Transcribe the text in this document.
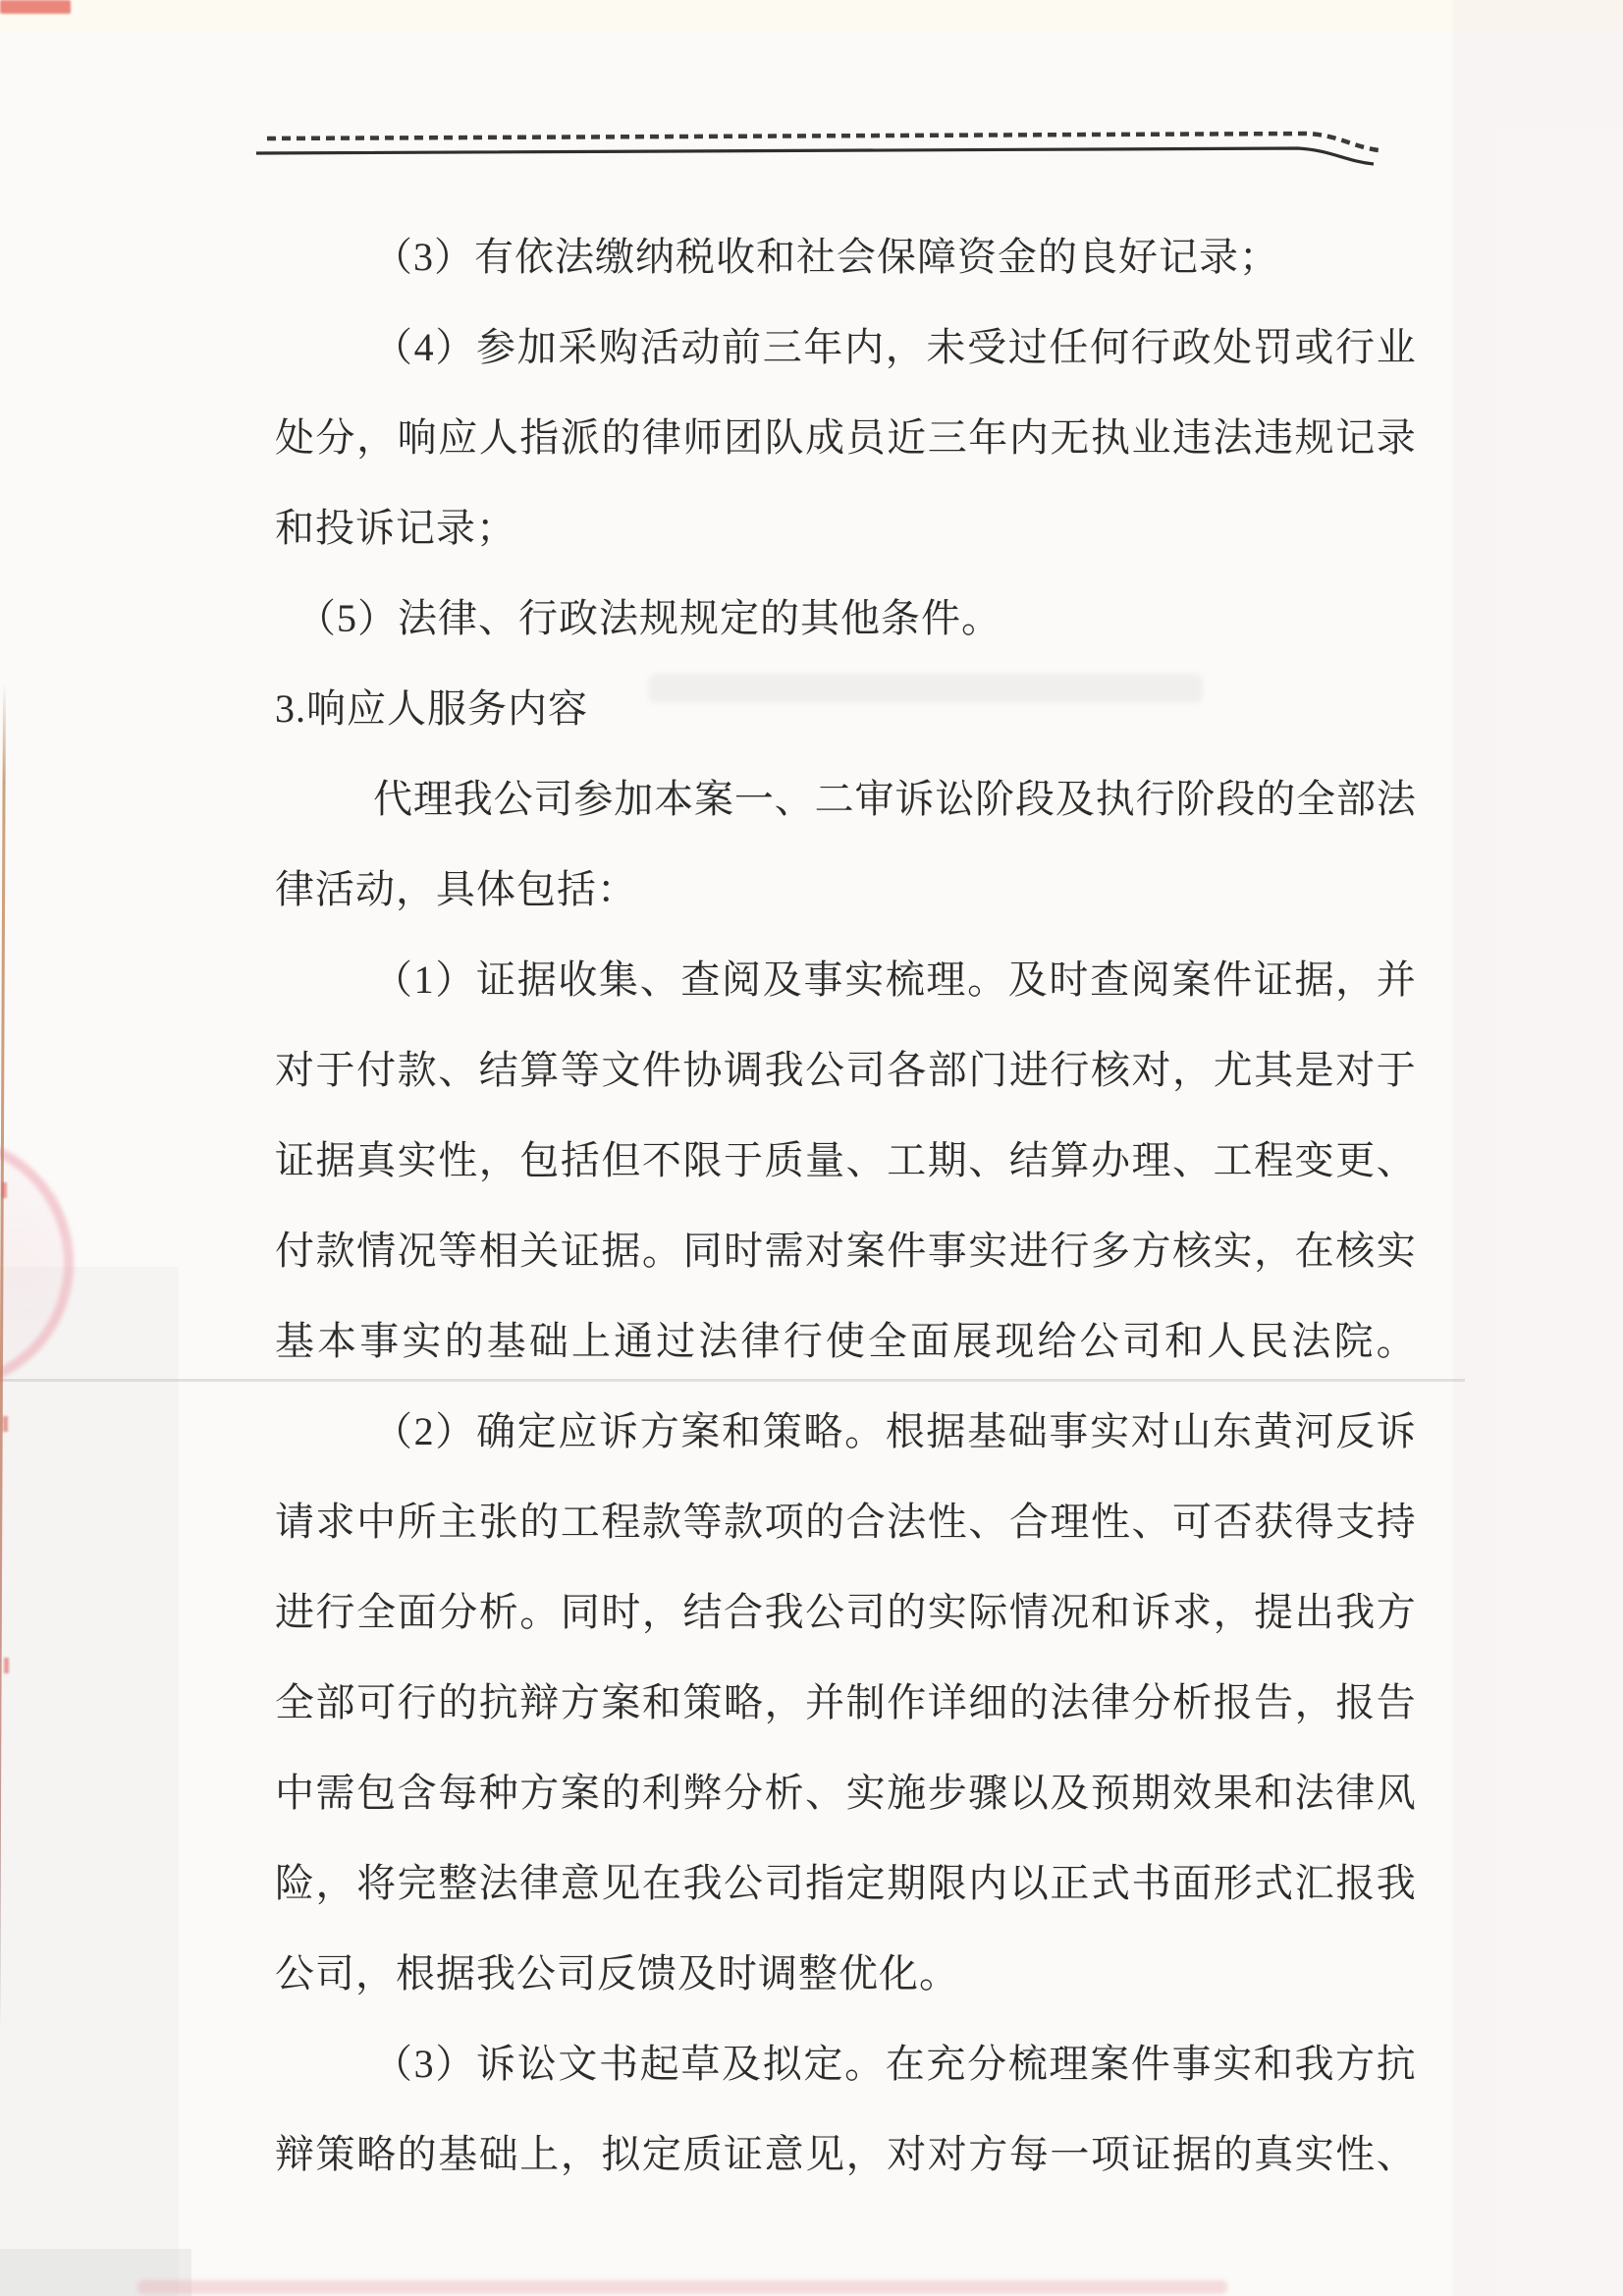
（3）有依法缴纳税收和社会保障资金的良好记录；
（ 4 ） 参 加 采 购 活 动 前 三 年 内 ， 未 受 过 任 何 行 政 处 罚 或 行 业
处 分 ， 响 应 人 指 派 的 律 师 团 队 成 员 近 三 年 内 无 执 业 违 法 违 规 记 录
和投诉记录；
（5）法律、行政法规规定的其他条件。
3.响应人服务内容
代 理 我 公 司 参 加 本 案 一 、 二 审 诉 讼 阶 段 及 执 行 阶 段 的 全 部 法
律活动，具体包括：
（ 1 ） 证 据 收 集 、 查 阅 及 事 实 梳 理 。 及 时 查 阅 案 件 证 据 ， 并
对 于 付 款 、 结 算 等 文 件 协 调 我 公 司 各 部 门 进 行 核 对 ， 尤 其 是 对 于
证 据 真 实 性 ， 包 括 但 不 限 于 质 量 、 工 期 、 结 算 办 理 、 工 程 变 更 、
付 款 情 况 等 相 关 证 据 。 同 时 需 对 案 件 事 实 进 行 多 方 核 实 ， 在 核 实
基 本 事 实 的 基 础 上 通 过 法 律 行 使 全 面 展 现 给 公 司 和 人 民 法 院 。
（ 2 ） 确 定 应 诉 方 案 和 策 略 。 根 据 基 础 事 实 对 山 东 黄 河 反 诉
请 求 中 所 主 张 的 工 程 款 等 款 项 的 合 法 性 、 合 理 性 、 可 否 获 得 支 持
进 行 全 面 分 析 。 同 时 ， 结 合 我 公 司 的 实 际 情 况 和 诉 求 ， 提 出 我 方
全 部 可 行 的 抗 辩 方 案 和 策 略 ， 并 制 作 详 细 的 法 律 分 析 报 告 ， 报 告
中 需 包 含 每 种 方 案 的 利 弊 分 析 、 实 施 步 骤 以 及 预 期 效 果 和 法 律 风
险 ， 将 完 整 法 律 意 见 在 我 公 司 指 定 期 限 内 以 正 式 书 面 形 式 汇 报 我
公司，根据我公司反馈及时调整优化。
（ 3 ） 诉 讼 文 书 起 草 及 拟 定 。 在 充 分 梳 理 案 件 事 实 和 我 方 抗
辩 策 略 的 基 础 上 ， 拟 定 质 证 意 见 ， 对 对 方 每 一 项 证 据 的 真 实 性 、
